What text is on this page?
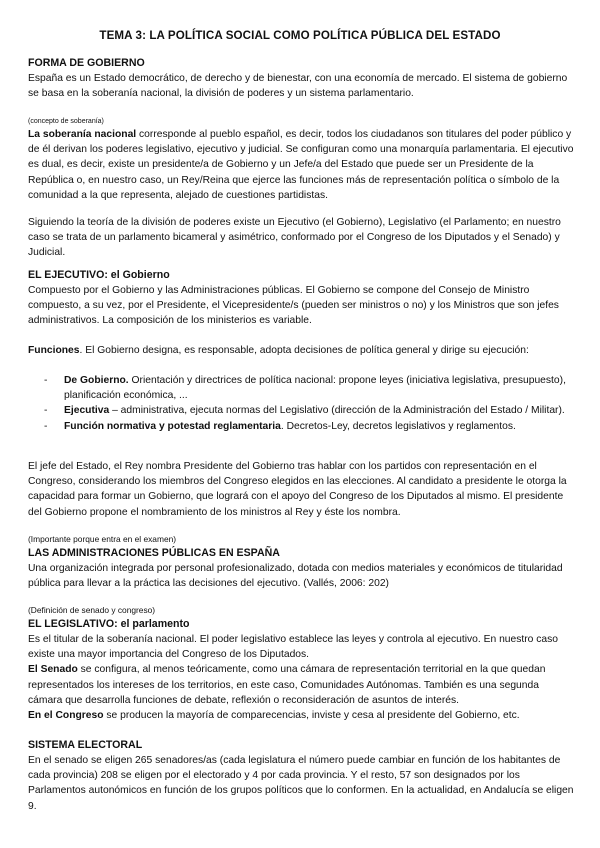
TEMA 3: LA POLÍTICA SOCIAL COMO POLÍTICA PÚBLICA DEL ESTADO
FORMA DE GOBIERNO

España es un Estado democrático, de derecho y de bienestar, con una economía de mercado. El sistema de gobierno se basa en la soberanía nacional, la división de poderes y un sistema parlamentario.

(concepto de soberanía)

La soberanía nacional corresponde al pueblo español, es decir, todos los ciudadanos son titulares del poder público y de él derivan los poderes legislativo, ejecutivo y judicial. Se configuran como una monarquía parlamentaria. El ejecutivo es dual, es decir, existe un presidente/a de Gobierno y un Jefe/a del Estado que puede ser un Presidente de la República o, en nuestro caso, un Rey/Reina que ejerce las funciones más de representación política o símbolo de la comunidad a la que representa, alejado de cuestiones partidistas.

Siguiendo la teoría de la división de poderes existe un Ejecutivo (el Gobierno), Legislativo (el Parlamento; en nuestro caso se trata de un parlamento bicameral y asimétrico, conformado por el Congreso de los Diputados y el Senado) y Judicial.

EL EJECUTIVO: el Gobierno

Compuesto por el Gobierno y las Administraciones públicas. El Gobierno se compone del Consejo de Ministro compuesto, a su vez, por el Presidente, el Vicepresidente/s (pueden ser ministros o no) y los Ministros que son jefes administrativos. La composición de los ministerios es variable.

Funciones. El Gobierno designa, es responsable, adopta decisiones de política general y dirige su ejecución:

- De Gobierno. Orientación y directrices de política nacional: propone leyes (iniciativa legislativa, presupuesto), planificación económica, ...
- Ejecutiva – administrativa, ejecuta normas del Legislativo (dirección de la Administración del Estado / Militar).
- Función normativa y potestad reglamentaria. Decretos-Ley, decretos legislativos y reglamentos.

El jefe del Estado, el Rey nombra Presidente del Gobierno tras hablar con los partidos con representación en el Congreso, considerando los miembros del Congreso elegidos en las elecciones. Al candidato a presidente le otorga la capacidad para formar un Gobierno, que logrará con el apoyo del Congreso de los Diputados al mismo. El presidente del Gobierno propone el nombramiento de los ministros al Rey y éste los nombra.

(Importante porque entra en el examen)
LAS ADMINISTRACIONES PÚBLICAS EN ESPAÑA

Una organización integrada por personal profesionalizado, dotada con medios materiales y económicos de titularidad pública para llevar a la práctica las decisiones del ejecutivo. (Vallés, 2006: 202)

(Definición de senado y congreso)
EL LEGISLATIVO: el parlamento

Es el titular de la soberanía nacional. El poder legislativo establece las leyes y controla al ejecutivo. En nuestro caso existe una mayor importancia del Congreso de los Diputados.
El Senado se configura, al menos teóricamente, como una cámara de representación territorial en la que quedan representados los intereses de los territorios, en este caso, Comunidades Autónomas. También es una segunda cámara que desarrolla funciones de debate, reflexión o reconsideración de asuntos de interés.
En el Congreso se producen la mayoría de comparecencias, inviste y cesa al presidente del Gobierno, etc.

SISTEMA ELECTORAL

En el senado se eligen 265 senadores/as (cada legislatura el número puede cambiar en función de los habitantes de cada provincia) 208 se eligen por el electorado y 4 por cada provincia. Y el resto, 57 son designados por los Parlamentos autonómicos en función de los grupos políticos que lo conformen. En la actualidad, en Andalucía se eligen 9.
